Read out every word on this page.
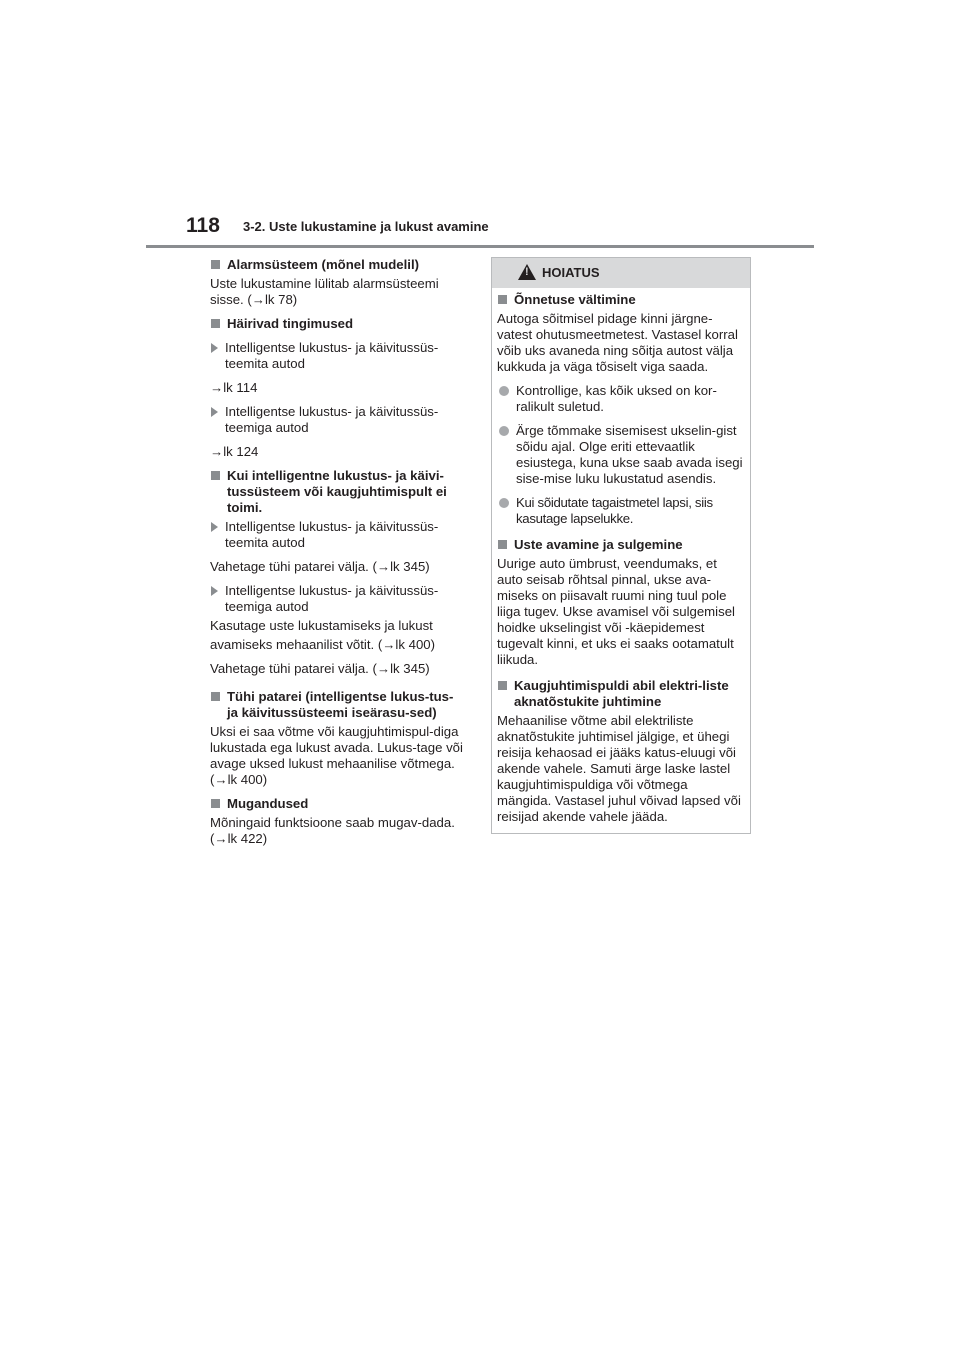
118 3-2. Uste lukustamine ja lukust avamine
Alarmsüsteem (mõnel mudelil)
Uste lukustamine lülitab alarmsüsteemi sisse. (→lk 78)
Häirivad tingimused
Intelligentse lukustus- ja käivitussüs-teemita autod
→lk 114
Intelligentse lukustus- ja käivitussüs-teemiga autod
→lk 124
Kui intelligentne lukustus- ja käivi-tussüsteem või kaugjuhtimispult ei toimi.
Intelligentse lukustus- ja käivitussüs-teemita autod
Vahetage tühi patarei välja. (→lk 345)
Intelligentse lukustus- ja käivitussüs-teemiga autod
Kasutage uste lukustamiseks ja lukust
avamiseks mehaanilist võtit. (→lk 400)
Vahetage tühi patarei välja. (→lk 345)
Tühi patarei (intelligentse lukus-tus- ja käivitussüsteemi iseärasu-sed)
Uksi ei saa võtme või kaugjuhtimispul-diga lukustada ega lukust avada. Lukus-tage või avage uksed lukust mehaanilise võtmega. (→lk 400)
Mugandused
Mõningaid funktsioone saab mugav-dada. (→lk 422)
!
HOIATUS
Õnnetuse vältimine
Autoga sõitmisel pidage kinni järgne-vatest ohutusmeetmetest. Vastasel korral võib uks avaneda ning sõitja autost välja kukkuda ja väga tõsiselt viga saada.
Kontrollige, kas kõik uksed on kor-ralikult suletud.
Ärge tõmmake sisemisest ukselin-gist sõidu ajal. Olge eriti ettevaatlik esiustega, kuna ukse saab avada isegi sise-mise luku lukustatud asendis.
Kui sõidutate tagaistmetel lapsi, siis kasutage lapselukke.
Uste avamine ja sulgemine
Uurige auto ümbrust, veendumaks, et auto seisab rõhtsal pinnal, ukse ava-miseks on piisavalt ruumi ning tuul pole liiga tugev. Ukse avamisel või sulgemisel hoidke ukselingist või -käepidemest tugevalt kinni, et uks ei saaks ootamatult liikuda.
Kaugjuhtimispuldi abil elektri-liste aknatõstukite juhtimine
Mehaanilise võtme abil elektriliste aknatõstukite juhtimisel jälgige, et ühegi reisija kehaosad ei jääks katus-eluugi või akende vahele. Samuti ärge laske lastel kaugjuhtimispuldiga või võtmega mängida. Vastasel juhul võivad lapsed või reisijad akende vahele jääda.
